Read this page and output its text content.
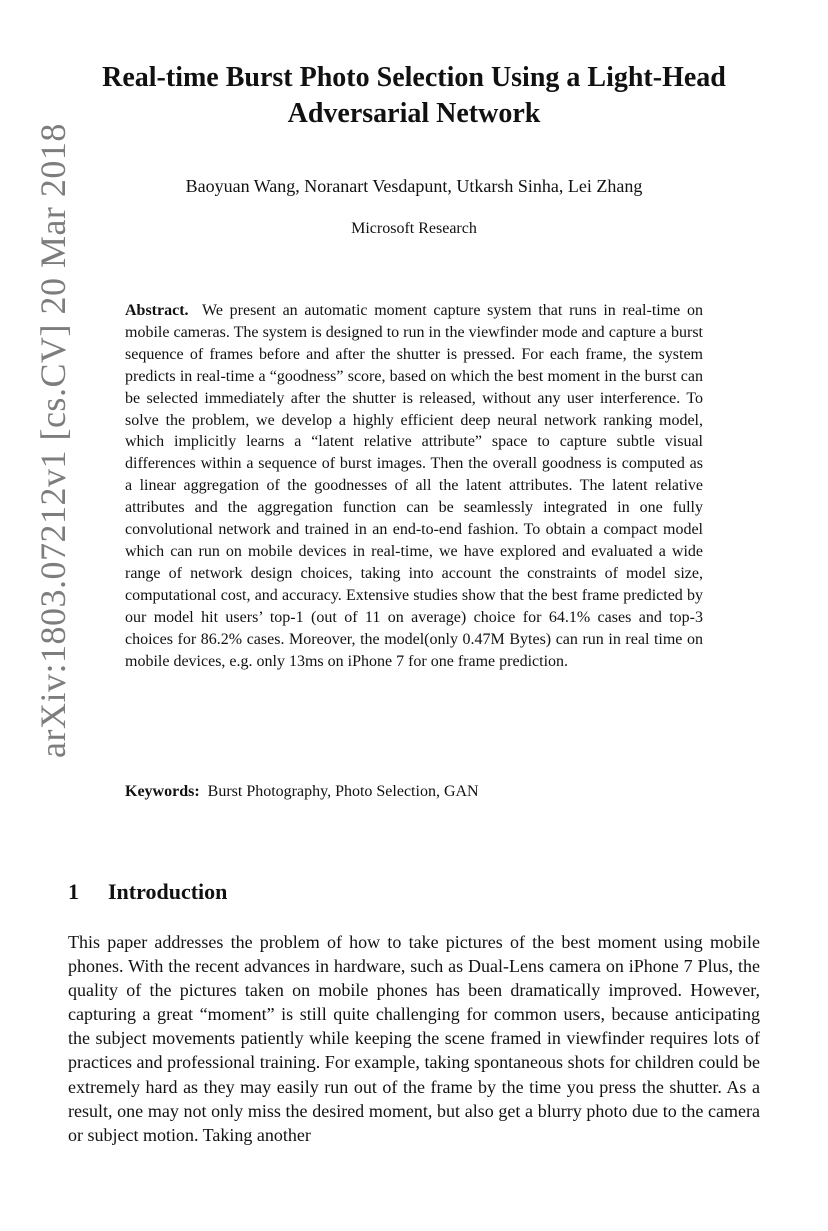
arXiv:1803.07212v1 [cs.CV] 20 Mar 2018
Real-time Burst Photo Selection Using a Light-Head Adversarial Network
Baoyuan Wang, Noranart Vesdapunt, Utkarsh Sinha, Lei Zhang
Microsoft Research
Abstract. We present an automatic moment capture system that runs in real-time on mobile cameras. The system is designed to run in the viewfinder mode and capture a burst sequence of frames before and after the shutter is pressed. For each frame, the system predicts in real-time a “goodness” score, based on which the best moment in the burst can be selected immediately after the shutter is released, without any user interference. To solve the problem, we develop a highly efficient deep neural network ranking model, which implicitly learns a “latent relative attribute” space to capture subtle visual differences within a sequence of burst images. Then the overall goodness is computed as a linear aggregation of the goodnesses of all the latent attributes. The latent relative attributes and the aggregation function can be seamlessly integrated in one fully convolutional network and trained in an end-to-end fashion. To obtain a compact model which can run on mobile devices in real-time, we have explored and evaluated a wide range of network design choices, taking into account the constraints of model size, computational cost, and accuracy. Extensive studies show that the best frame predicted by our model hit users’ top-1 (out of 11 on average) choice for 64.1% cases and top-3 choices for 86.2% cases. Moreover, the model(only 0.47M Bytes) can run in real time on mobile devices, e.g. only 13ms on iPhone 7 for one frame prediction.
Keywords: Burst Photography, Photo Selection, GAN
1 Introduction
This paper addresses the problem of how to take pictures of the best moment using mobile phones. With the recent advances in hardware, such as Dual-Lens camera on iPhone 7 Plus, the quality of the pictures taken on mobile phones has been dramatically improved. However, capturing a great “moment” is still quite challenging for common users, because anticipating the subject movements patiently while keeping the scene framed in viewfinder requires lots of practices and professional training. For example, taking spontaneous shots for children could be extremely hard as they may easily run out of the frame by the time you press the shutter. As a result, one may not only miss the desired moment, but also get a blurry photo due to the camera or subject motion. Taking another
